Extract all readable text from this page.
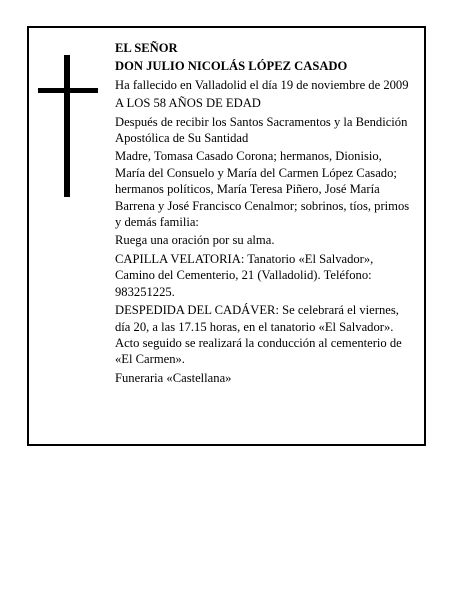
EL SEÑOR

DON JULIO NICOLÁS LÓPEZ CASADO

Ha fallecido en Valladolid el día 19 de noviembre de 2009

A LOS 58 AÑOS DE EDAD

Después de recibir los Santos Sacramentos y la Bendición Apostólica de Su Santidad

Madre, Tomasa Casado Corona; hermanos, Dionisio, María del Consuelo y María del Carmen López Casado; hermanos políticos, María Teresa Piñero, José María Barrena y José Francisco Cenalmor; sobrinos, tíos, primos y demás familia:

Ruega una oración por su alma.

CAPILLA VELATORIA: Tanatorio «El Salvador», Camino del Cementerio, 21 (Valladolid). Teléfono: 983251225.

DESPEDIDA DEL CADÁVER: Se celebrará el viernes, día 20, a las 17.15 horas, en el tanatorio «El Salvador». Acto seguido se realizará la conducción al cementerio de «El Carmen».

Funeraria «Castellana»
